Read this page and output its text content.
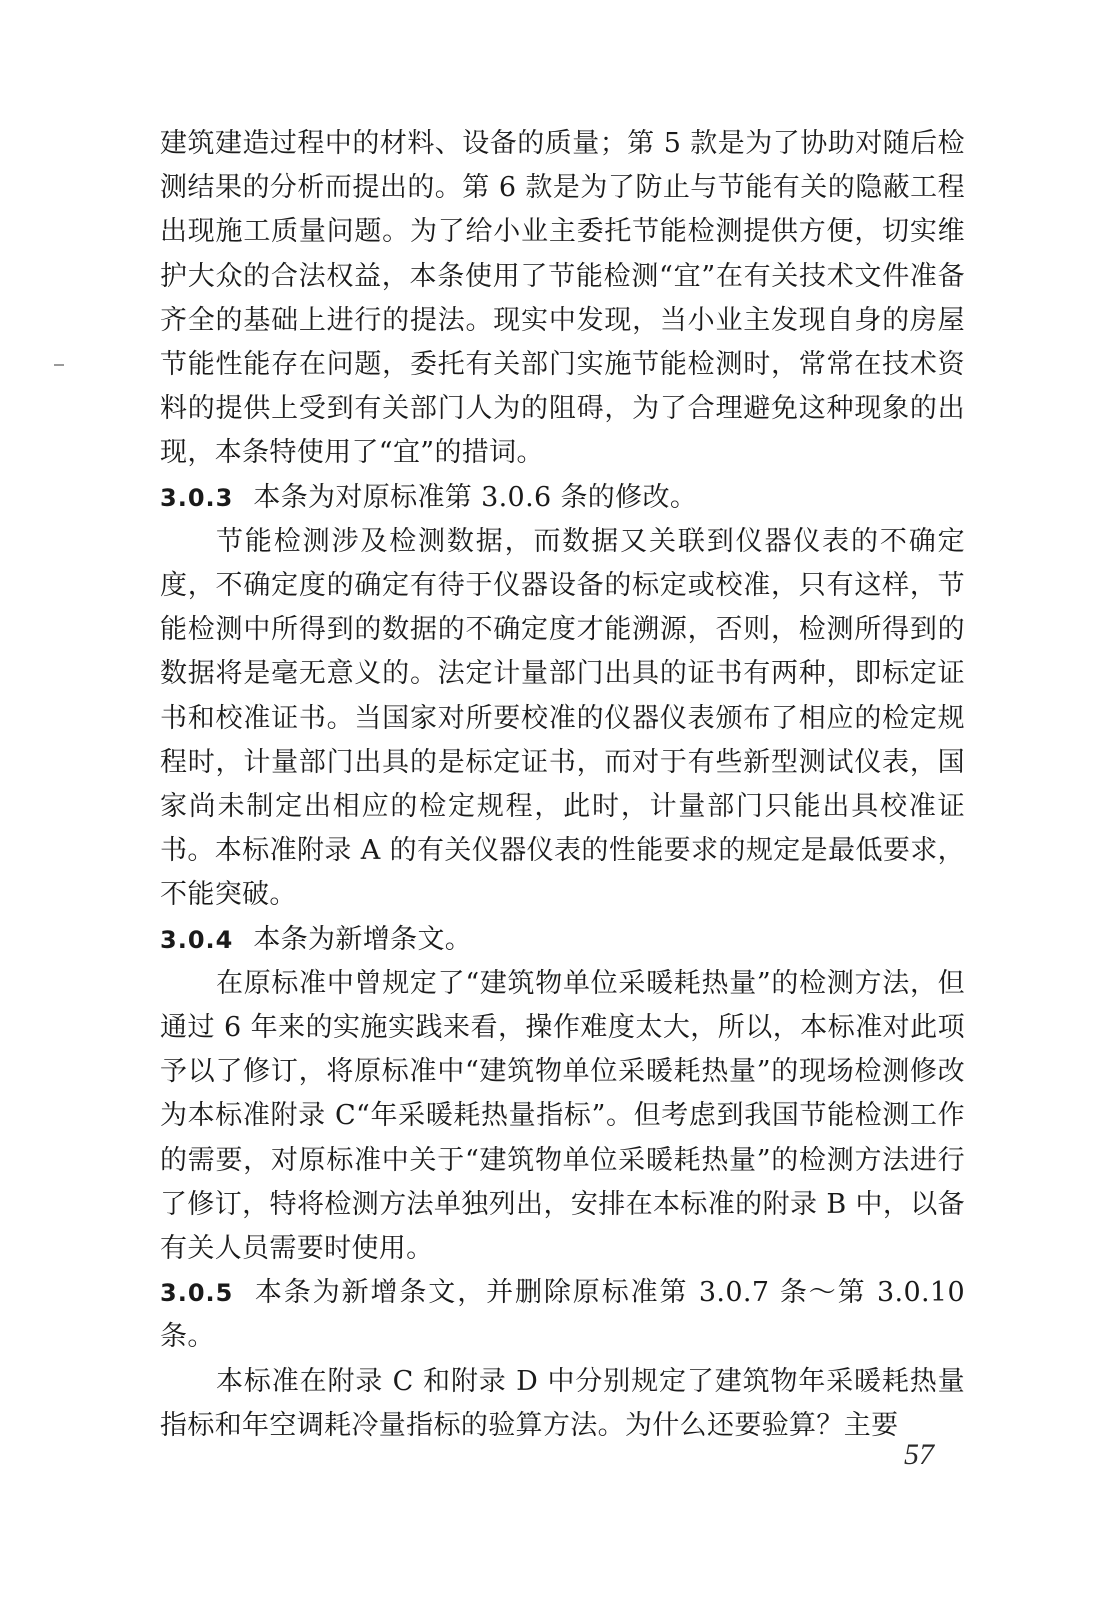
建筑建造过程中的材料、设备的质量；第 5 款是为了协助对随后检测结果的分析而提出的。第 6 款是为了防止与节能有关的隐蔽工程出现施工质量问题。为了给小业主委托节能检测提供方便，切实维护大众的合法权益，本条使用了节能检测“宜”在有关技术文件准备齐全的基础上进行的提法。现实中发现，当小业主发现自身的房屋节能性能存在问题，委托有关部门实施节能检测时，常常在技术资料的提供上受到有关部门人为的阻碍，为了合理避免这种现象的出现，本条特使用了“宜”的措词。

3.0.3 本条为对原标准第 3.0.6 条的修改。

节能检测涉及检测数据，而数据又关联到仪器仪表的不确定度，不确定度的确定有待于仪器设备的标定或校准，只有这样，节能检测中所得到的数据的不确定度才能溯源，否则，检测所得到的数据将是毫无意义的。法定计量部门出具的证书有两种，即标定证书和校准证书。当国家对所要校准的仪器仪表颁布了相应的检定规程时，计量部门出具的是标定证书，而对于有些新型测试仪表，国家尚未制定出相应的检定规程，此时，计量部门只能出具校准证书。本标准附录 A 的有关仪器仪表的性能要求的规定是最低要求，不能突破。

3.0.4 本条为新增条文。

在原标准中曾规定了“建筑物单位采暖耗热量”的检测方法，但通过 6 年来的实施实践来看，操作难度太大，所以，本标准对此项予以了修订，将原标准中“建筑物单位采暖耗热量”的现场检测修改为本标准附录 C“年采暖耗热量指标”。但考虑到我国节能检测工作的需要，对原标准中关于“建筑物单位采暖耗热量”的检测方法进行了修订，特将检测方法单独列出，安排在本标准的附录 B 中，以备有关人员需要时使用。

3.0.5 本条为新增条文，并删除原标准第 3.0.7 条～第 3.0.10 条。

本标准在附录 C 和附录 D 中分别规定了建筑物年采暖耗热量指标和年空调耗冷量指标的验算方法。为什么还要验算？主要

57
